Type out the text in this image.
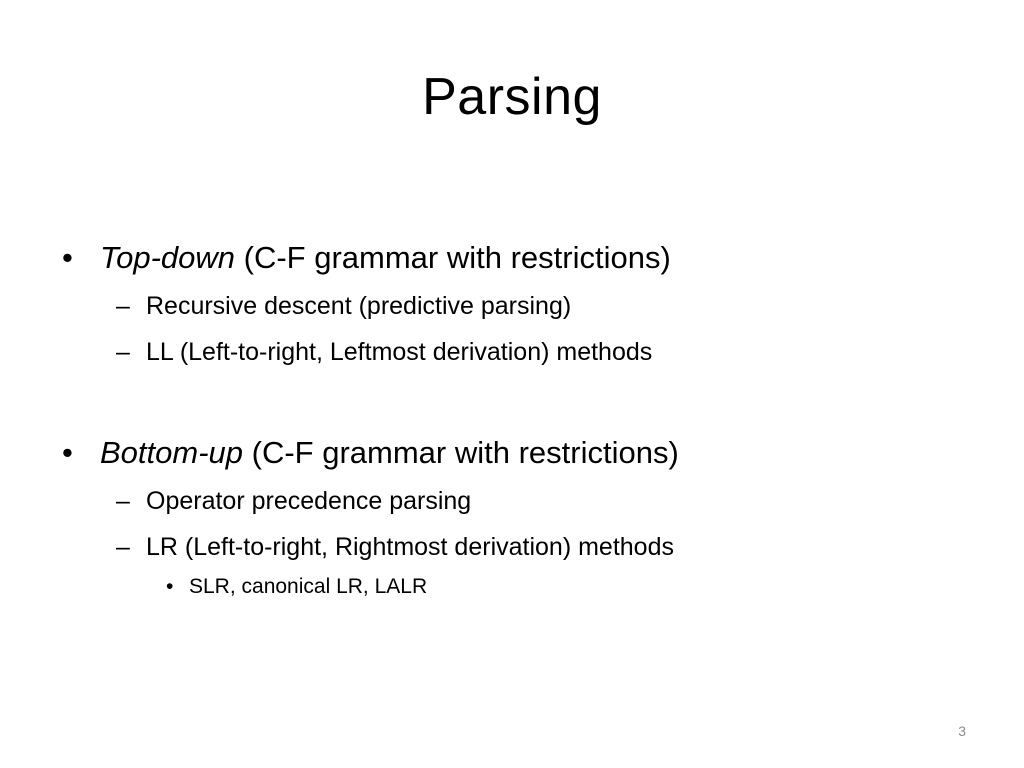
Parsing
• Top-down (C-F grammar with restrictions)
– Recursive descent (predictive parsing)
– LL (Left-to-right, Leftmost derivation) methods
• Bottom-up (C-F grammar with restrictions)
– Operator precedence parsing
– LR (Left-to-right, Rightmost derivation) methods
• SLR, canonical LR, LALR
3
